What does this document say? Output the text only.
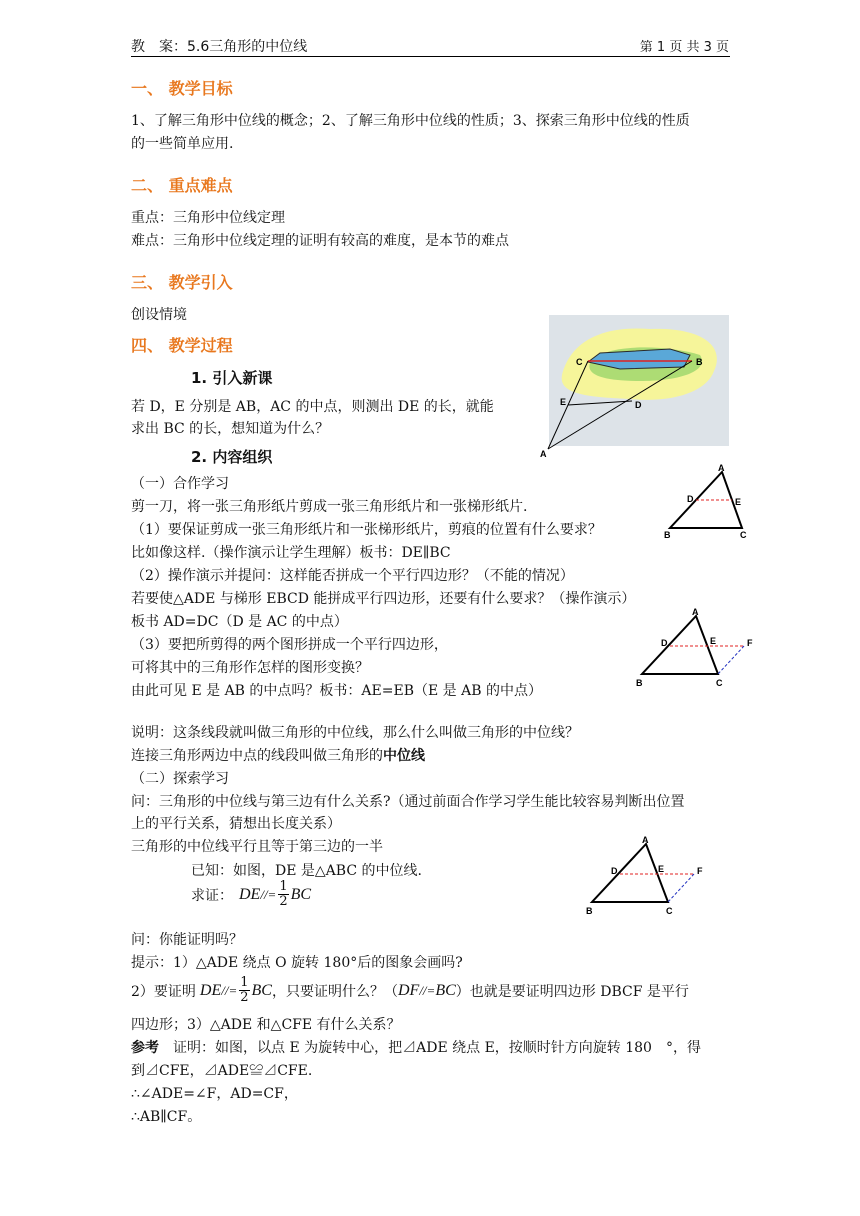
教　案：5.6三角形的中位线	第 1 页 共 3 页
一、 教学目标
1、了解三角形中位线的概念；2、了解三角形中位线的性质；3、探索三角形中位线的性质
的一些简单应用.
二、 重点难点
重点：三角形中位线定理
难点：三角形中位线定理的证明有较高的难度，是本节的难点
三、 教学引入
创设情境
四、 教学过程
1. 引入新课
若 D，E 分别是 AB，AC 的中点，则测出 DE 的长，就能
求出 BC 的长，想知道为什么？
2. 内容组织
C	B
E	D
A
（一）合作学习
剪一刀，将一张三角形纸片剪成一张三角形纸片和一张梯形纸片.
（1）要保证剪成一张三角形纸片和一张梯形纸片，剪痕的位置有什么要求？
比如像这样.（操作演示让学生理解）板书：DE∥BC
（2）操作演示并提问：这样能否拼成一个平行四边形？（不能的情况）
若要使△ADE 与梯形 EBCD 能拼成平行四边形，还要有什么要求？（操作演示）
板书 AD=DC（D 是 AC 的中点）
（3）要把所剪得的两个图形拼成一个平行四边形，
可将其中的三角形作怎样的图形变换？
由此可见 E 是 AB 的中点吗？板书：AE=EB（E 是 AB 的中点）
A
D	E
B	C
A
D	E	F
B	C
说明：这条线段就叫做三角形的中位线，那么什么叫做三角形的中位线？
连接三角形两边中点的线段叫做三角形的中位线
（二）探索学习
问：三角形的中位线与第三边有什么关系?（通过前面合作学习学生能比较容易判断出位置
上的平行关系，猜想出长度关系）
三角形的中位线平行且等于第三边的一半
已知：如图，DE 是△ABC 的中位线.
求证： DE //= $\frac{1}{2}$ BC
A
D	E	F
B	C
问：你能证明吗？
提示：1）△ADE 绕点 O 旋转 180°后的图象会画吗?
2）要证明 DE //= $\frac{1}{2}$ BC ，只要证明什么？（ DF //= BC ）也就是要证明四边形 DBCF 是平行
四边形；3）△ADE 和△CFE 有什么关系？
参考 证明：如图，以点 E 为旋转中心，把⊿ADE 绕点 E，按顺时针方向旋转 180　°，得
到⊿CFE，⊿ADE≌⊿CFE.
∴∠ADE=∠F，AD=CF，
∴AB∥CF。
